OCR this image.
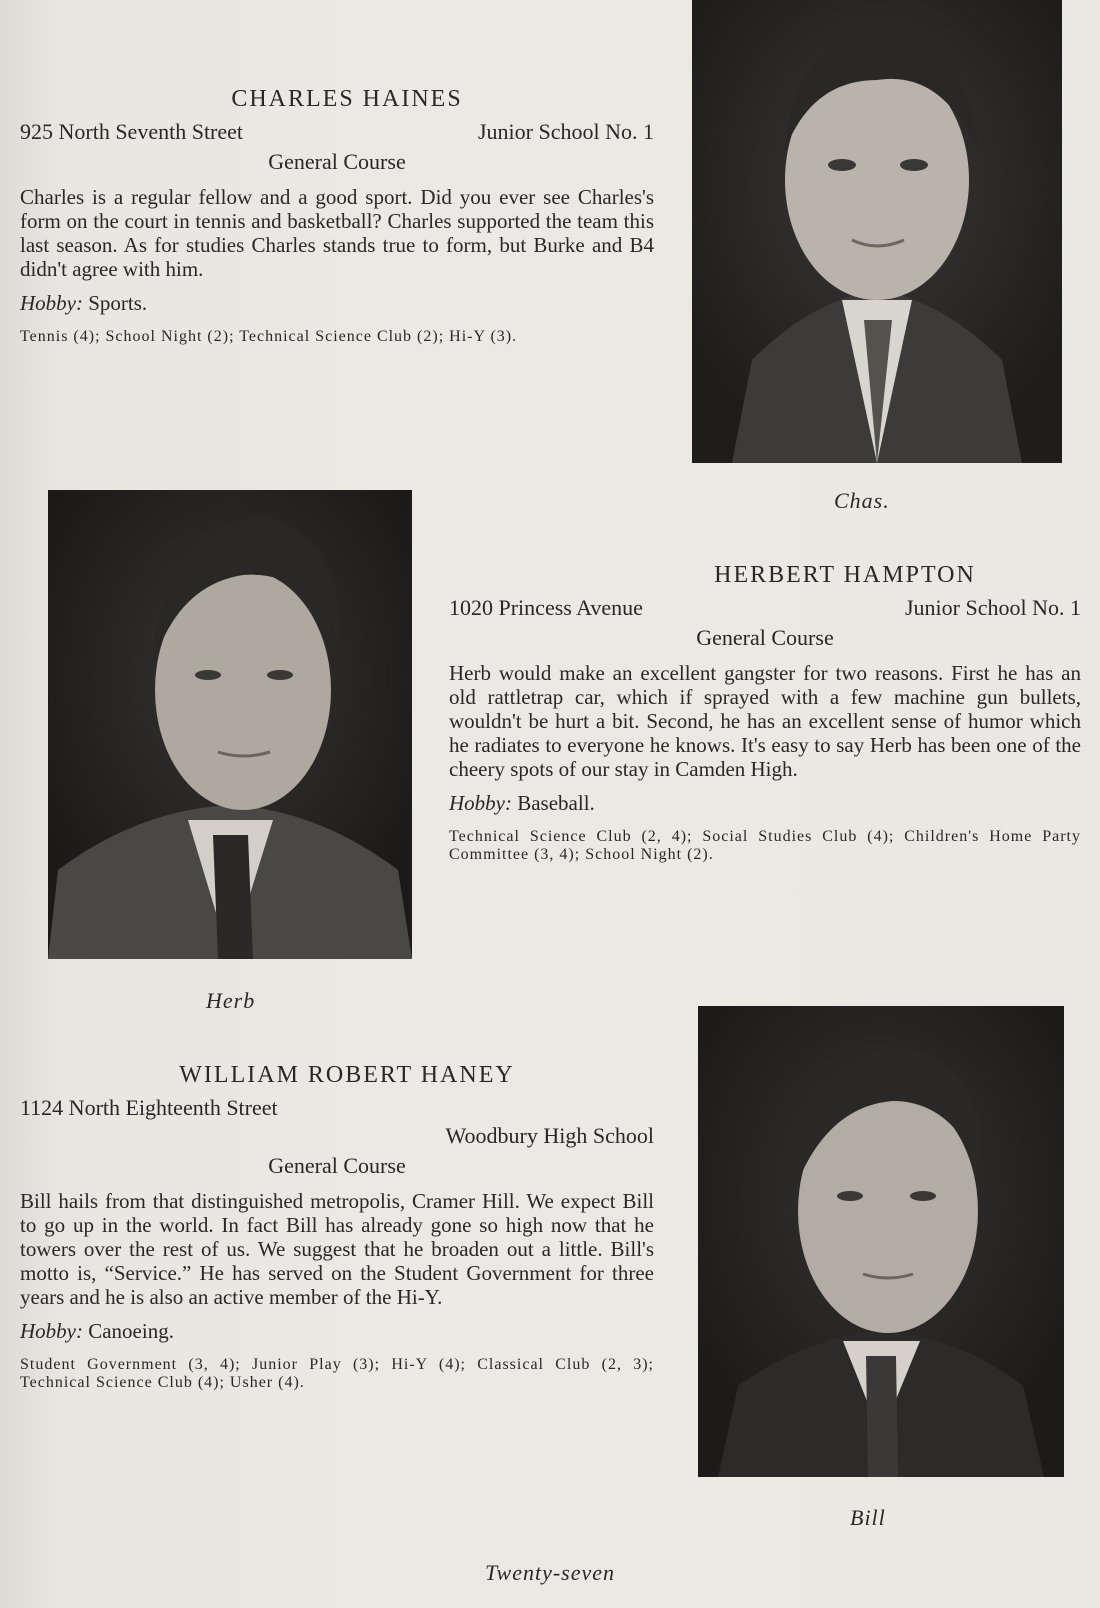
CHARLES HAINES
925 North Seventh Street	Junior School No. 1
General Course
Charles is a regular fellow and a good sport. Did you ever see Charles's form on the court in tennis and basketball? Charles supported the team this last season. As for studies Charles stands true to form, but Burke and B4 didn't agree with him.
Hobby: Sports.
Tennis (4); School Night (2); Technical Science Club (2); Hi-Y (3).
Chas.
Herb
HERBERT HAMPTON
1020 Princess Avenue	Junior School No. 1
General Course
Herb would make an excellent gangster for two reasons. First he has an old rattletrap car, which if sprayed with a few machine gun bullets, wouldn't be hurt a bit. Second, he has an excellent sense of humor which he radiates to everyone he knows. It's easy to say Herb has been one of the cheery spots of our stay in Camden High.
Hobby: Baseball.
Technical Science Club (2, 4); Social Studies Club (4); Children's Home Party Committee (3, 4); School Night (2).
WILLIAM ROBERT HANEY
1124 North Eighteenth Street
Woodbury High School
General Course
Bill hails from that distinguished metropolis, Cramer Hill. We expect Bill to go up in the world. In fact Bill has already gone so high now that he towers over the rest of us. We suggest that he broaden out a little. Bill's motto is, “Service.” He has served on the Student Government for three years and he is also an active member of the Hi-Y.
Hobby: Canoeing.
Student Government (3, 4); Junior Play (3); Hi-Y (4); Classical Club (2, 3); Technical Science Club (4); Usher (4).
Bill
Twenty-seven
